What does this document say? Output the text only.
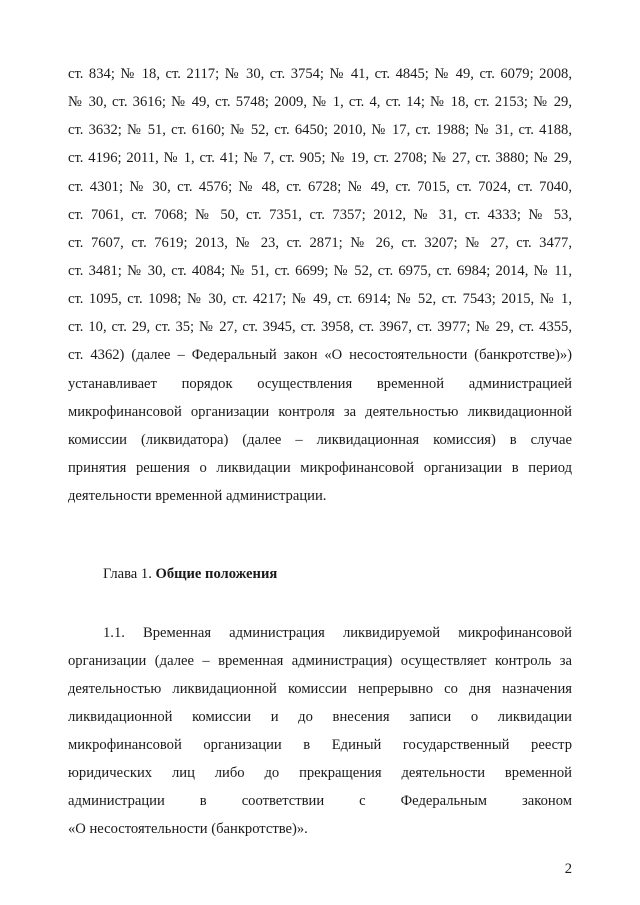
ст. 834; № 18, ст. 2117; № 30, ст. 3754; № 41, ст. 4845; № 49, ст. 6079; 2008,
№ 30, ст. 3616; № 49, ст. 5748; 2009, № 1, ст. 4, ст. 14; № 18, ст. 2153; № 29,
ст. 3632; № 51, ст. 6160; № 52, ст. 6450; 2010, № 17, ст. 1988; № 31, ст. 4188,
ст. 4196; 2011, № 1, ст. 41; № 7, ст. 905; № 19, ст. 2708; № 27, ст. 3880; № 29,
ст. 4301; № 30, ст. 4576; № 48, ст. 6728; № 49, ст. 7015, ст. 7024, ст. 7040,
ст. 7061, ст. 7068; № 50, ст. 7351, ст. 7357; 2012, № 31, ст. 4333; № 53,
ст. 7607, ст. 7619; 2013, № 23, ст. 2871; № 26, ст. 3207; № 27, ст. 3477,
ст. 3481; № 30, ст. 4084; № 51, ст. 6699; № 52, ст. 6975, ст. 6984; 2014, № 11,
ст. 1095, ст. 1098; № 30, ст. 4217; № 49, ст. 6914; № 52, ст. 7543; 2015, № 1,
ст. 10, ст. 29, ст. 35; № 27, ст. 3945, ст. 3958, ст. 3967, ст. 3977; № 29, ст. 4355,
ст. 4362) (далее – Федеральный закон «О несостоятельности (банкротстве)»)
устанавливает порядок осуществления временной администрацией
микрофинансовой организации контроля за деятельностью ликвидационной
комиссии (ликвидатора) (далее – ликвидационная комиссия) в случае
принятия решения о ликвидации микрофинансовой организации в период
деятельности временной администрации.
Глава 1. Общие положения
1.1. Временная администрация ликвидируемой микрофинансовой
организации (далее – временная администрация) осуществляет контроль за
деятельностью ликвидационной комиссии непрерывно со дня назначения
ликвидационной комиссии и до внесения записи о ликвидации
микрофинансовой организации в Единый государственный реестр
юридических лиц либо до прекращения деятельности временной
администрации в соответствии с Федеральным законом
«О несостоятельности (банкротстве)».
2
